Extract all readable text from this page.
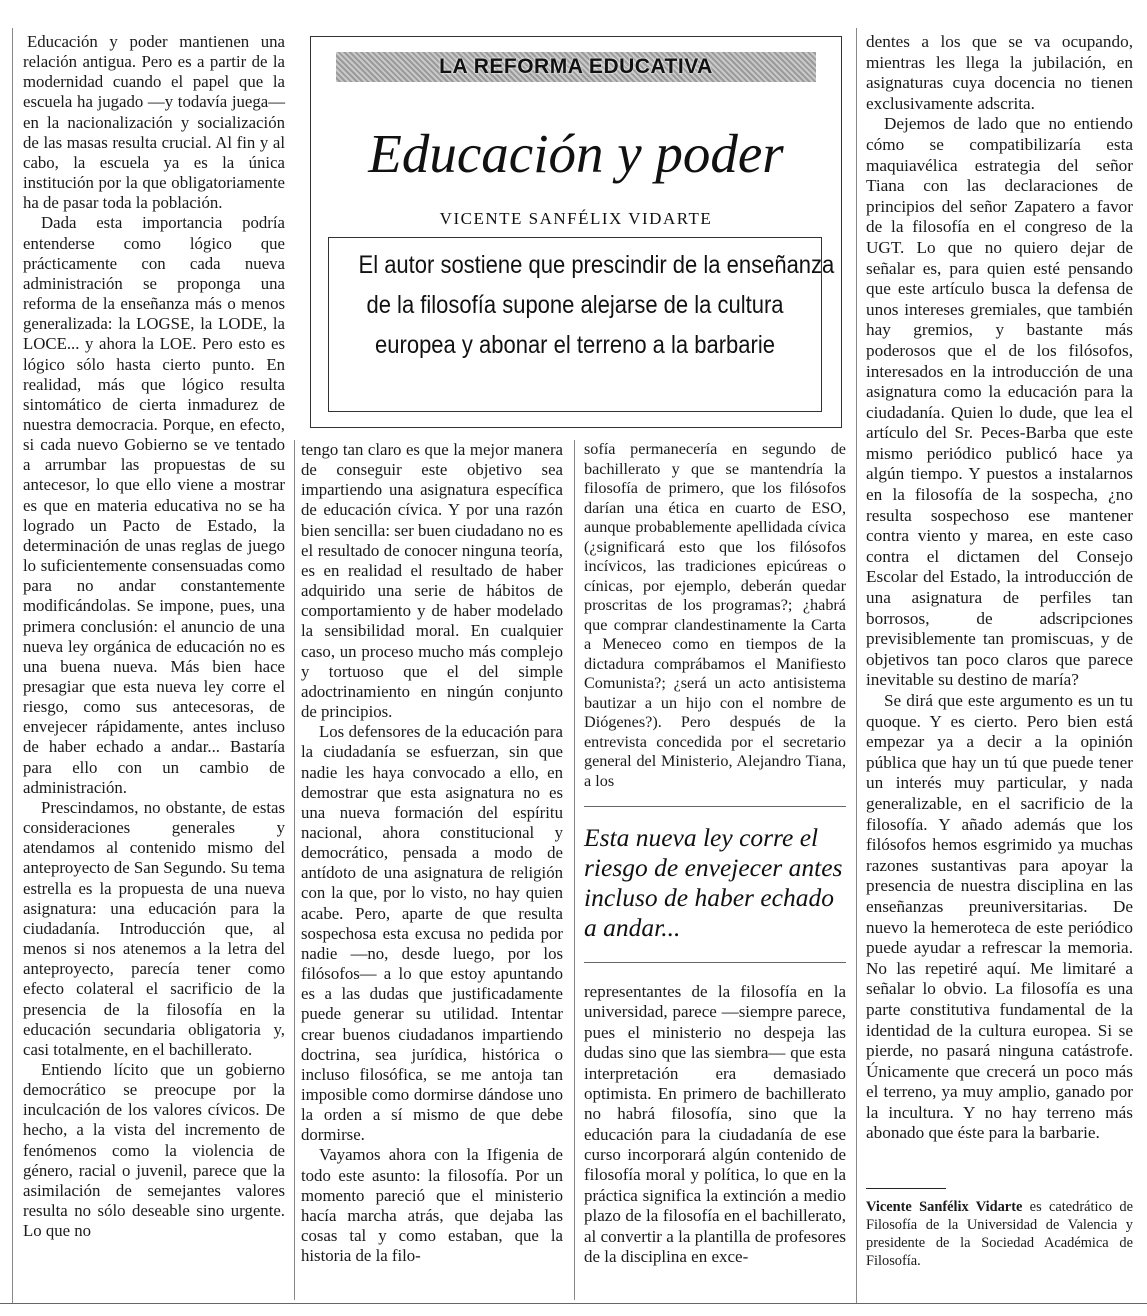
LA REFORMA EDUCATIVA
Educación y poder
VICENTE SANFÉLIX VIDARTE
El autor sostiene que prescindir de la enseñanza
de la filosofía supone alejarse de la cultura
europea y abonar el terreno a la barbarie

Educación y poder mantienen una relación antigua. Pero es a partir de la modernidad cuando el papel que la escuela ha jugado —y todavía juega— en la nacionalización y socialización de las masas resulta crucial. Al fin y al cabo, la escuela ya es la única institución por la que obligatoriamente ha de pasar toda la población.

Dada esta importancia podría entenderse como lógico que prácticamente con cada nueva administración se proponga una reforma de la enseñanza más o menos generalizada: la LOGSE, la LODE, la LOCE... y ahora la LOE. Pero esto es lógico sólo hasta cierto punto. En realidad, más que lógico resulta sintomático de cierta inmadurez de nuestra democracia. Porque, en efecto, si cada nuevo Gobierno se ve tentado a arrumbar las propuestas de su antecesor, lo que ello viene a mostrar es que en materia educativa no se ha logrado un Pacto de Estado, la determinación de unas reglas de juego lo suficientemente consensuadas como para no andar constantemente modificándolas. Se impone, pues, una primera conclusión: el anuncio de una nueva ley orgánica de educación no es una buena nueva. Más bien hace presagiar que esta nueva ley corre el riesgo, como sus antecesoras, de envejecer rápidamente, antes incluso de haber echado a andar... Bastaría para ello con un cambio de administración.

Prescindamos, no obstante, de estas consideraciones generales y atendamos al contenido mismo del anteproyecto de San Segundo. Su tema estrella es la propuesta de una nueva asignatura: una educación para la ciudadanía. Introducción que, al menos si nos atenemos a la letra del anteproyecto, parecía tener como efecto colateral el sacrificio de la presencia de la filosofía en la educación secundaria obligatoria y, casi totalmente, en el bachillerato.

Entiendo lícito que un gobierno democrático se preocupe por la inculcación de los valores cívicos. De hecho, a la vista del incremento de fenómenos como la violencia de género, racial o juvenil, parece que la asimilación de semejantes valores resulta no sólo deseable sino urgente. Lo que no

tengo tan claro es que la mejor manera de conseguir este objetivo sea impartiendo una asignatura específica de educación cívica. Y por una razón bien sencilla: ser buen ciudadano no es el resultado de conocer ninguna teoría, es en realidad el resultado de haber adquirido una serie de hábitos de comportamiento y de haber modelado la sensibilidad moral. En cualquier caso, un proceso mucho más complejo y tortuoso que el del simple adoctrinamiento en ningún conjunto de principios.

Los defensores de la educación para la ciudadanía se esfuerzan, sin que nadie les haya convocado a ello, en demostrar que esta asignatura no es una nueva formación del espíritu nacional, ahora constitucional y democrático, pensada a modo de antídoto de una asignatura de religión con la que, por lo visto, no hay quien acabe. Pero, aparte de que resulta sospechosa esta excusa no pedida por nadie —no, desde luego, por los filósofos— a lo que estoy apuntando es a las dudas que justificadamente puede generar su utilidad. Intentar crear buenos ciudadanos impartiendo doctrina, sea jurídica, histórica o incluso filosófica, se me antoja tan imposible como dormirse dándose uno la orden a sí mismo de que debe dormirse.

Vayamos ahora con la Ifigenia de todo este asunto: la filosofía. Por un momento pareció que el ministerio hacía marcha atrás, que dejaba las cosas tal y como estaban, que la historia de la filo-

sofía permanecería en segundo de bachillerato y que se mantendría la filosofía de primero, que los filósofos darían una ética en cuarto de ESO, aunque probablemente apellidada cívica (¿significará esto que los filósofos incívicos, las tradiciones epicúreas o cínicas, por ejemplo, deberán quedar proscritas de los programas?; ¿habrá que comprar clandestinamente la Carta a Meneceo como en tiempos de la dictadura comprábamos el Manifiesto Comunista?; ¿será un acto antisistema bautizar a un hijo con el nombre de Diógenes?). Pero después de la entrevista concedida por el secretario general del Ministerio, Alejandro Tiana, a los

Esta nueva ley corre el riesgo de envejecer antes incluso de haber echado a andar...

representantes de la filosofía en la universidad, parece —siempre parece, pues el ministerio no despeja las dudas sino que las siembra— que esta interpretación era demasiado optimista. En primero de bachillerato no habrá filosofía, sino que la educación para la ciudadanía de ese curso incorporará algún contenido de filosofía moral y política, lo que en la práctica significa la extinción a medio plazo de la filosofía en el bachillerato, al convertir a la plantilla de profesores de la disciplina en exce-

dentes a los que se va ocupando, mientras les llega la jubilación, en asignaturas cuya docencia no tienen exclusivamente adscrita.

Dejemos de lado que no entiendo cómo se compatibilizaría esta maquiavélica estrategia del señor Tiana con las declaraciones de principios del señor Zapatero a favor de la filosofía en el congreso de la UGT. Lo que no quiero dejar de señalar es, para quien esté pensando que este artículo busca la defensa de unos intereses gremiales, que también hay gremios, y bastante más poderosos que el de los filósofos, interesados en la introducción de una asignatura como la educación para la ciudadanía. Quien lo dude, que lea el artículo del Sr. Peces-Barba que este mismo periódico publicó hace ya algún tiempo. Y puestos a instalarnos en la filosofía de la sospecha, ¿no resulta sospechoso ese mantener contra viento y marea, en este caso contra el dictamen del Consejo Escolar del Estado, la introducción de una asignatura de perfiles tan borrosos, de adscripciones previsiblemente tan promiscuas, y de objetivos tan poco claros que parece inevitable su destino de maría?

Se dirá que este argumento es un tu quoque. Y es cierto. Pero bien está empezar ya a decir a la opinión pública que hay un tú que puede tener un interés muy particular, y nada generalizable, en el sacrificio de la filosofía. Y añado además que los filósofos hemos esgrimido ya muchas razones sustantivas para apoyar la presencia de nuestra disciplina en las enseñanzas preuniversitarias. De nuevo la hemeroteca de este periódico puede ayudar a refrescar la memoria. No las repetiré aquí. Me limitaré a señalar lo obvio. La filosofía es una parte constitutiva fundamental de la identidad de la cultura europea. Si se pierde, no pasará ninguna catástrofe. Únicamente que crecerá un poco más el terreno, ya muy amplio, ganado por la incultura. Y no hay terreno más abonado que éste para la barbarie.

Vicente Sanfélix Vidarte es catedrático de Filosofía de la Universidad de Valencia y presidente de la Sociedad Académica de Filosofía.
